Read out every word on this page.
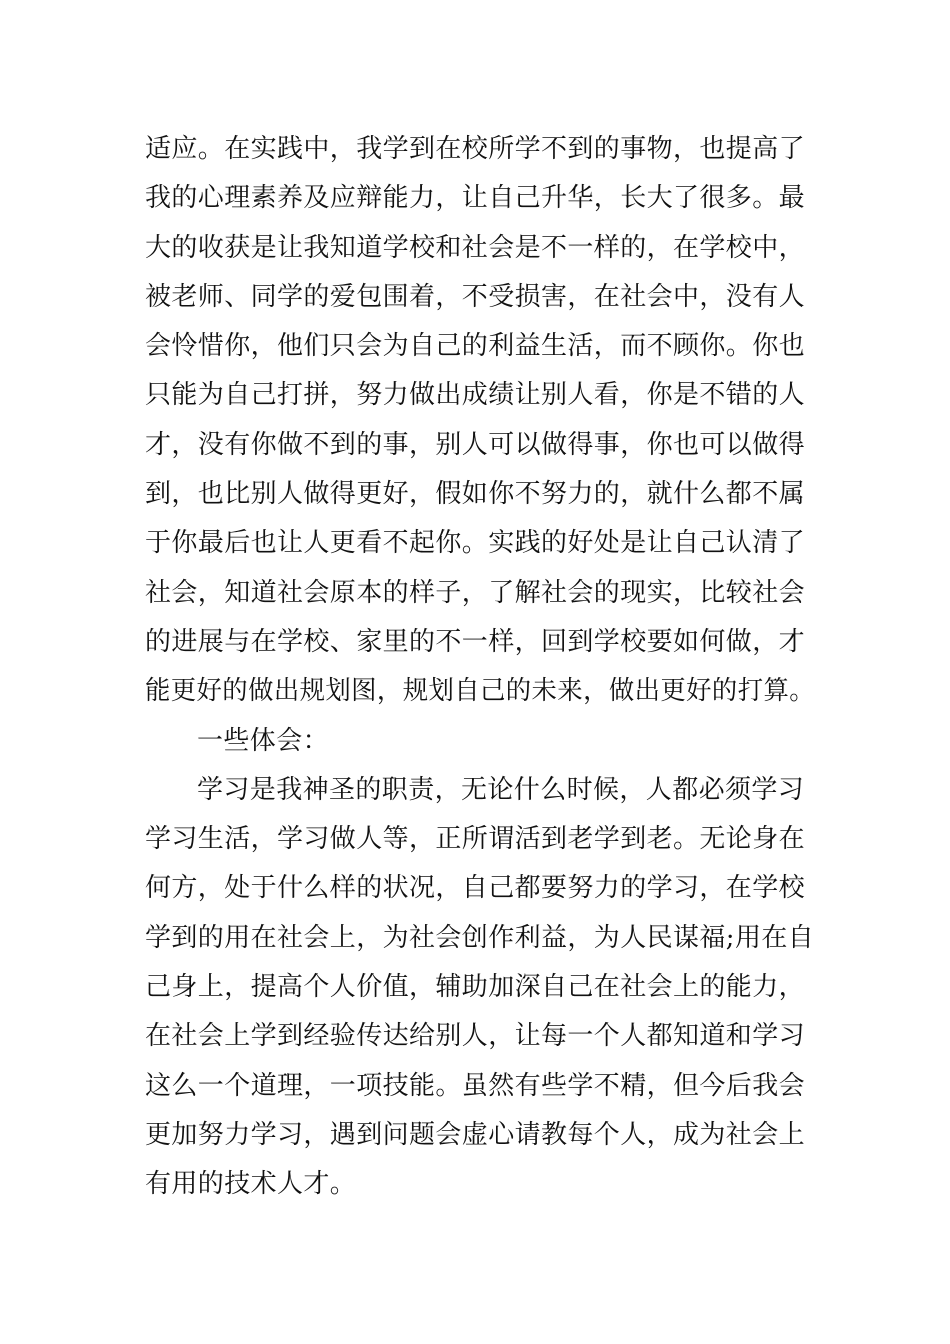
适应。在实践中，我学到在校所学不到的事物，也提高了
我的心理素养及应辩能力，让自己升华，长大了很多。最
大的收获是让我知道学校和社会是不一样的，在学校中，
被老师、同学的爱包围着，不受损害，在社会中，没有人
会怜惜你，他们只会为自己的利益生活，而不顾你。你也
只能为自己打拼，努力做出成绩让别人看，你是不错的人
才，没有你做不到的事，别人可以做得事，你也可以做得
到，也比别人做得更好，假如你不努力的，就什么都不属
于你最后也让人更看不起你。实践的好处是让自己认清了
社会，知道社会原本的样子，了解社会的现实，比较社会
的进展与在学校、家里的不一样，回到学校要如何做，才
能更好的做出规划图，规划自己的未来，做出更好的打算。
一些体会：
学习是我神圣的职责，无论什么时候，人都必须学习
学习生活，学习做人等，正所谓活到老学到老。无论身在
何方，处于什么样的状况，自己都要努力的学习，在学校
学到的用在社会上，为社会创作利益，为人民谋福;用在自
己身上，提高个人价值，辅助加深自己在社会上的能力，
在社会上学到经验传达给别人，让每一个人都知道和学习
这么一个道理，一项技能。虽然有些学不精，但今后我会
更加努力学习，遇到问题会虚心请教每个人，成为社会上
有用的技术人才。
